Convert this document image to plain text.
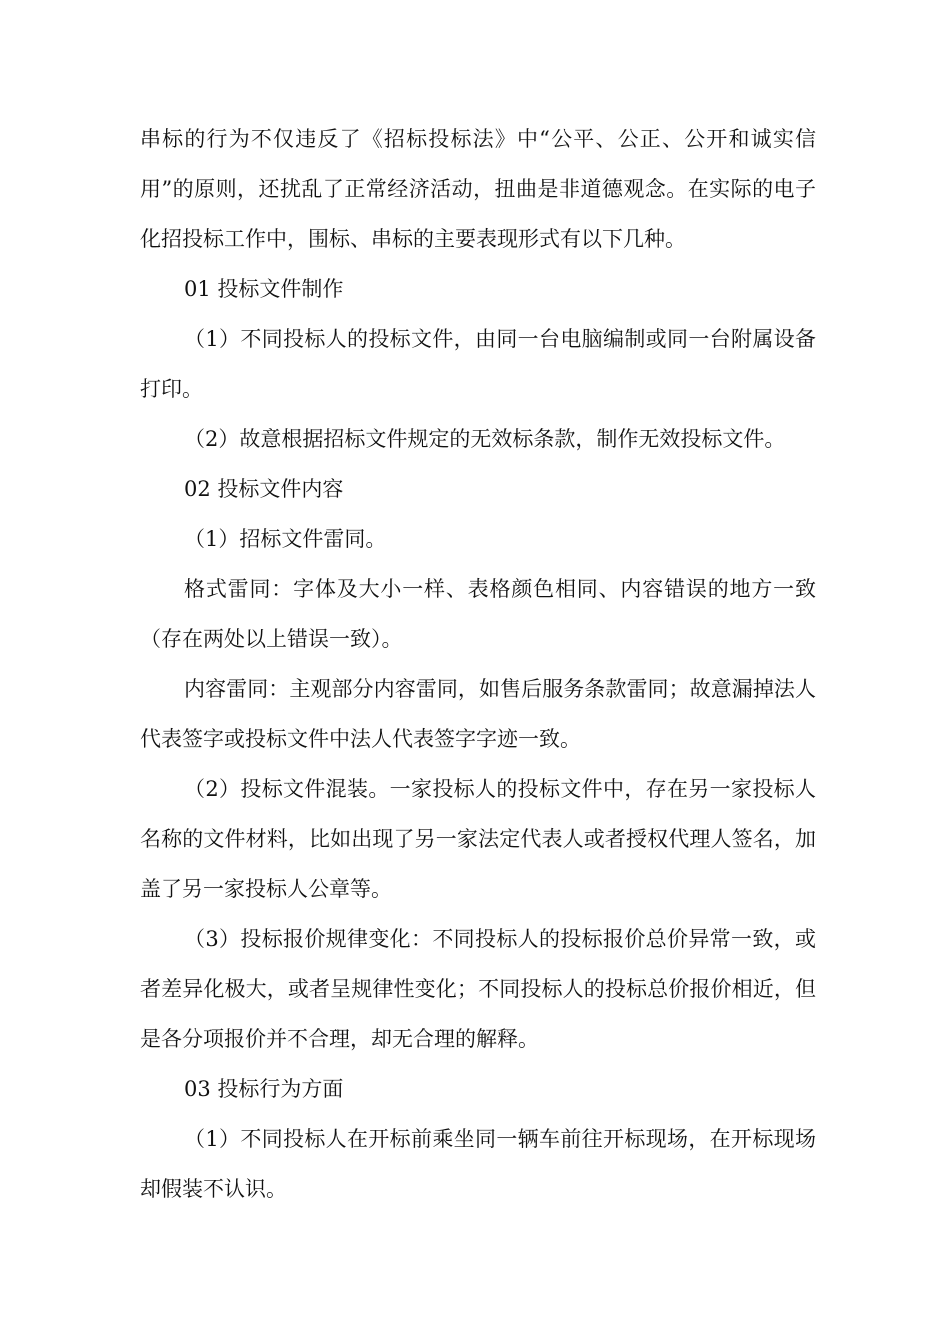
串标的行为不仅违反了《招标投标法》中“公平、公正、公开和诚实信用”的原则，还扰乱了正常经济活动，扭曲是非道德观念。在实际的电子化招投标工作中，围标、串标的主要表现形式有以下几种。

01 投标文件制作

（1）不同投标人的投标文件，由同一台电脑编制或同一台附属设备打印。

（2）故意根据招标文件规定的无效标条款，制作无效投标文件。

02 投标文件内容

（1）招标文件雷同。

格式雷同：字体及大小一样、表格颜色相同、内容错误的地方一致（存在两处以上错误一致）。

内容雷同：主观部分内容雷同，如售后服务条款雷同；故意漏掉法人代表签字或投标文件中法人代表签字字迹一致。

（2）投标文件混装。一家投标人的投标文件中，存在另一家投标人名称的文件材料，比如出现了另一家法定代表人或者授权代理人签名，加盖了另一家投标人公章等。

（3）投标报价规律变化：不同投标人的投标报价总价异常一致，或者差异化极大，或者呈规律性变化；不同投标人的投标总价报价相近，但是各分项报价并不合理，却无合理的解释。

03 投标行为方面

（1）不同投标人在开标前乘坐同一辆车前往开标现场，在开标现场却假装不认识。
